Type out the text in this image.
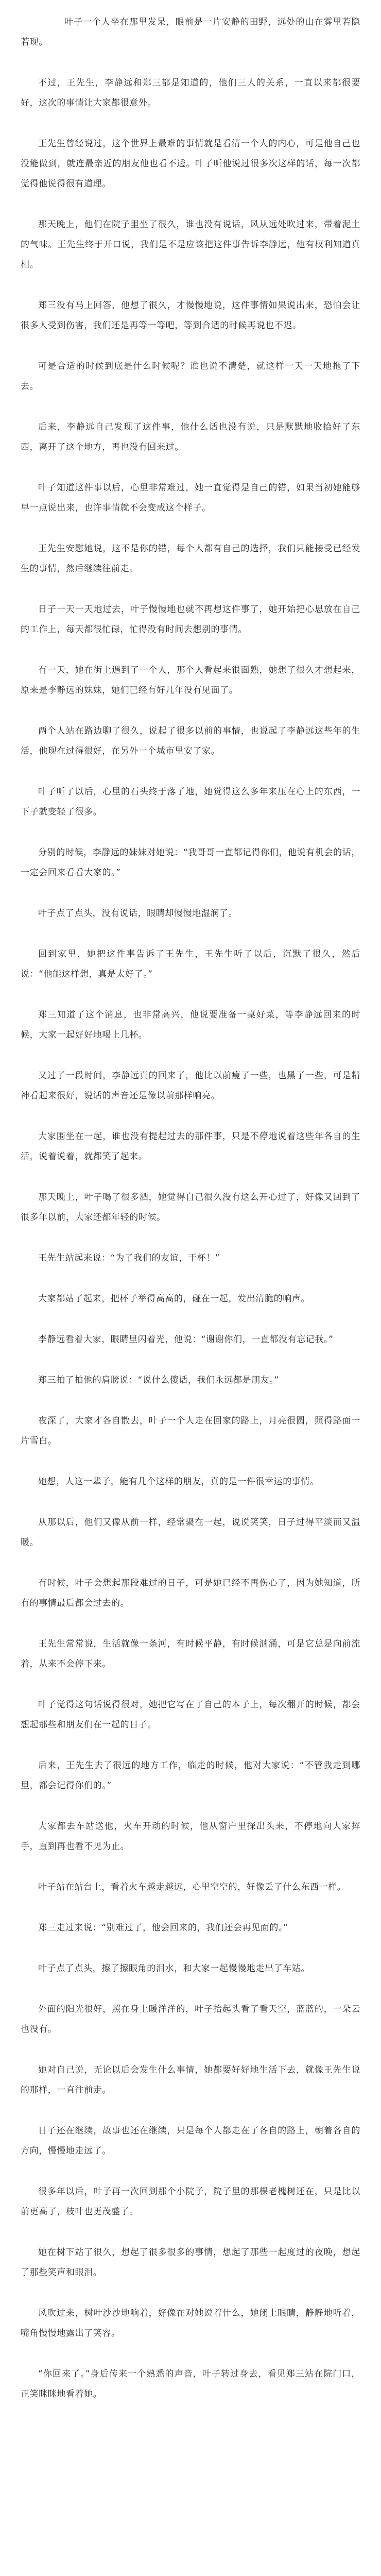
叶子一个人坐在那里发呆，眼前是一片安静的田野，远处的山在雾里若隐若现。

不过，王先生，李静远和郑三都是知道的，他们三人的关系，一直以来都很要好，这次的事情让大家都很意外。

王先生曾经说过，这个世界上最难的事情就是看清一个人的内心，可是他自己也没能做到，就连最亲近的朋友他也看不透。叶子听他说过很多次这样的话，每一次都觉得他说得很有道理。

那天晚上，他们在院子里坐了很久，谁也没有说话，风从远处吹过来，带着泥土的气味。王先生终于开口说，我们是不是应该把这件事告诉李静远，他有权利知道真相。

郑三没有马上回答，他想了很久，才慢慢地说，这件事情如果说出来，恐怕会让很多人受到伤害，我们还是再等一等吧，等到合适的时候再说也不迟。

可是合适的时候到底是什么时候呢？谁也说不清楚，就这样一天一天地拖了下去。

后来，李静远自己发现了这件事，他什么话也没有说，只是默默地收拾好了东西，离开了这个地方，再也没有回来过。

叶子知道这件事以后，心里非常难过，她一直觉得是自己的错，如果当初她能够早一点说出来，也许事情就不会变成这个样子。

王先生安慰她说，这不是你的错，每个人都有自己的选择，我们只能接受已经发生的事情，然后继续往前走。

日子一天一天地过去，叶子慢慢地也就不再想这件事了，她开始把心思放在自己的工作上，每天都很忙碌，忙得没有时间去想别的事情。

有一天，她在街上遇到了一个人，那个人看起来很面熟，她想了很久才想起来，原来是李静远的妹妹，她们已经有好几年没有见面了。

两个人站在路边聊了很久，说起了很多以前的事情，也说起了李静远这些年的生活，他现在过得很好，在另外一个城市里安了家。

叶子听了以后，心里的石头终于落了地，她觉得这么多年来压在心上的东西，一下子就变轻了很多。

分别的时候，李静远的妹妹对她说：“我哥哥一直都记得你们，他说有机会的话，一定会回来看看大家的。”

叶子点了点头，没有说话，眼睛却慢慢地湿润了。

回到家里，她把这件事告诉了王先生，王先生听了以后，沉默了很久，然后说：“他能这样想，真是太好了。”

郑三知道了这个消息，也非常高兴，他说要准备一桌好菜，等李静远回来的时候，大家一起好好地喝上几杯。

又过了一段时间，李静远真的回来了，他比以前瘦了一些，也黑了一些，可是精神看起来很好，说话的声音还是像以前那样响亮。

大家围坐在一起，谁也没有提起过去的那件事，只是不停地说着这些年各自的生活，说着说着，就都笑了起来。

那天晚上，叶子喝了很多酒，她觉得自己很久没有这么开心过了，好像又回到了很多年以前，大家还都年轻的时候。

王先生站起来说：“为了我们的友谊，干杯！”

大家都站了起来，把杯子举得高高的，碰在一起，发出清脆的响声。

李静远看着大家，眼睛里闪着光，他说：“谢谢你们，一直都没有忘记我。”

郑三拍了拍他的肩膀说：“说什么傻话，我们永远都是朋友。”

夜深了，大家才各自散去，叶子一个人走在回家的路上，月亮很圆，照得路面一片雪白。

她想，人这一辈子，能有几个这样的朋友，真的是一件很幸运的事情。

从那以后，他们又像从前一样，经常聚在一起，说说笑笑，日子过得平淡而又温暖。

有时候，叶子会想起那段难过的日子，可是她已经不再伤心了，因为她知道，所有的事情最后都会过去的。

王先生常常说，生活就像一条河，有时候平静，有时候汹涌，可是它总是向前流着，从来不会停下来。

叶子觉得这句话说得很对，她把它写在了自己的本子上，每次翻开的时候，都会想起那些和朋友们在一起的日子。

后来，王先生去了很远的地方工作，临走的时候，他对大家说：“不管我走到哪里，都会记得你们的。”

大家都去车站送他，火车开动的时候，他从窗户里探出头来，不停地向大家挥手，直到再也看不见为止。

叶子站在站台上，看着火车越走越远，心里空空的，好像丢了什么东西一样。

郑三走过来说：“别难过了，他会回来的，我们还会再见面的。”

叶子点了点头，擦了擦眼角的泪水，和大家一起慢慢地走出了车站。

外面的阳光很好，照在身上暖洋洋的，叶子抬起头看了看天空，蓝蓝的，一朵云也没有。

她对自己说，无论以后会发生什么事情，她都要好好地生活下去，就像王先生说的那样，一直往前走。

日子还在继续，故事也还在继续，只是每个人都走在了各自的路上，朝着各自的方向，慢慢地走远了。

很多年以后，叶子再一次回到那个小院子，院子里的那棵老槐树还在，只是比以前更高了，枝叶也更茂盛了。

她在树下站了很久，想起了很多很多的事情，想起了那些一起度过的夜晚，想起了那些笑声和眼泪。

风吹过来，树叶沙沙地响着，好像在对她说着什么，她闭上眼睛，静静地听着，嘴角慢慢地露出了笑容。

“你回来了。”身后传来一个熟悉的声音，叶子转过身去，看见郑三站在院门口，正笑眯眯地看着她。
